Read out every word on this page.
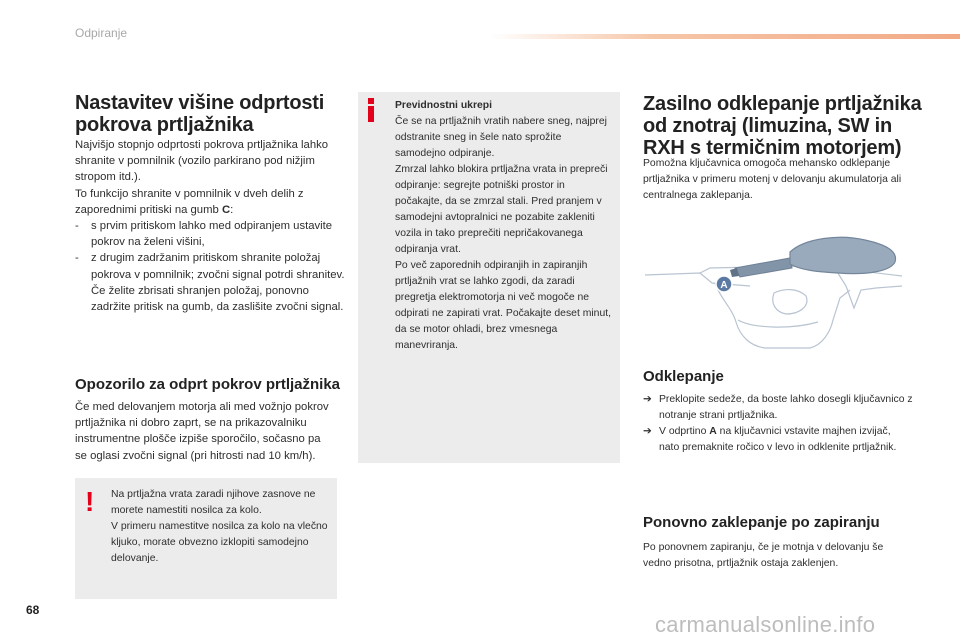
Odpiranje
Nastavitev višine odprtosti pokrova prtljažnika
Najvišjo stopnjo odprtosti pokrova prtljažnika lahko shranite v pomnilnik (vozilo parkirano pod nižjim stropom itd.).
To funkcijo shranite v pomnilnik v dveh delih z zaporednimi pritiski na gumb C:
- s prvim pritiskom lahko med odpiranjem ustavite pokrov na želeni višini,
- z drugim zadržanim pritiskom shranite položaj pokrova v pomnilnik; zvočni signal potrdi shranitev.
Če želite zbrisati shranjen položaj, ponovno zadržite pritisk na gumb, da zaslišite zvočni signal.
Opozorilo za odprt pokrov prtljažnika
Če med delovanjem motorja ali med vožnjo pokrov prtljažnika ni dobro zaprt, se na prikazovalniku instrumentne plošče izpiše sporočilo, sočasno pa se oglasi zvočni signal (pri hitrosti nad 10 km/h).
! Na prtljažna vrata zaradi njihove zasnove ne morete namestiti nosilca za kolo.
V primeru namestitve nosilca za kolo na vlečno kljuko, morate obvezno izklopiti samodejno delovanje.
Previdnostni ukrepi
Če se na prtljažnih vratih nabere sneg, najprej odstranite sneg in šele nato sprožite samodejno odpiranje.
Zmrzal lahko blokira prtljažna vrata in prepreči odpiranje: segrejte potniški prostor in počakajte, da se zmrzal stali. Pred pranjem v samodejni avtopralnici ne pozabite zakleniti vozila in tako preprečiti nepričakovanega odpiranja vrat.
Po več zaporednih odpiranjih in zapiranjih prtljažnih vrat se lahko zgodi, da zaradi pregretja elektromotorja ni več mogoče ne odpirati ne zapirati vrat. Počakajte deset minut, da se motor ohladi, brez vmesnega manevriranja.
Zasilno odklepanje prtljažnika od znotraj (limuzina, SW in RXH s termičnim motorjem)
Pomožna ključavnica omogoča mehansko odklepanje prtljažnika v primeru motenj v delovanju akumulatorja ali centralnega zaklepanja.
A
Odklepanje
➔ Preklopite sedeže, da boste lahko dosegli ključavnico z notranje strani prtljažnika.
➔ V odprtino A na ključavnici vstavite majhen izvijač, nato premaknite ročico v levo in odklenite prtljažnik.
Ponovno zaklepanje po zapiranju
Po ponovnem zapiranju, če je motnja v delovanju še vedno prisotna, prtljažnik ostaja zaklenjen.
68
carmanualsonline.info
